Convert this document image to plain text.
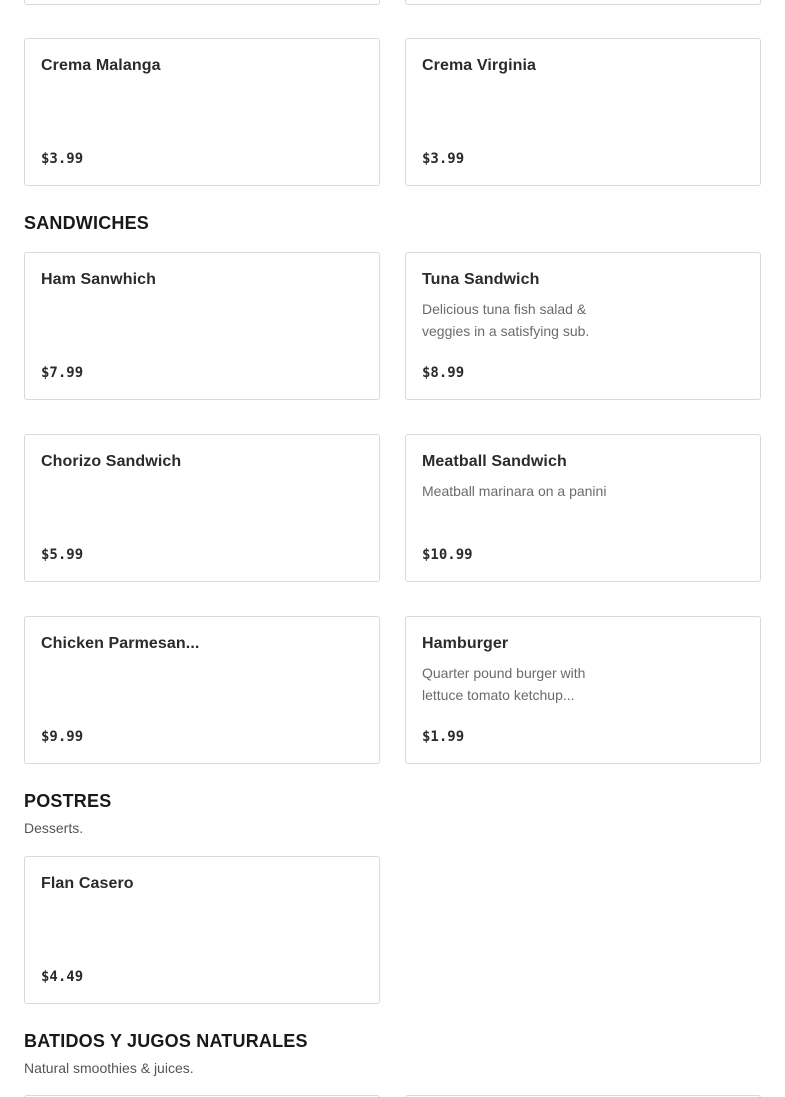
Crema Malanga
$3.99
Crema Virginia
$3.99
SANDWICHES
Ham Sanwhich
$7.99
Tuna Sandwich
Delicious tuna fish salad & veggies in a satisfying sub.
$8.99
Chorizo Sandwich
$5.99
Meatball Sandwich
Meatball marinara on a panini
$10.99
Chicken Parmesan...
$9.99
Hamburger
Quarter pound burger with lettuce tomato ketchup...
$1.99
POSTRES
Desserts.
Flan Casero
$4.49
BATIDOS Y JUGOS NATURALES
Natural smoothies & juices.
